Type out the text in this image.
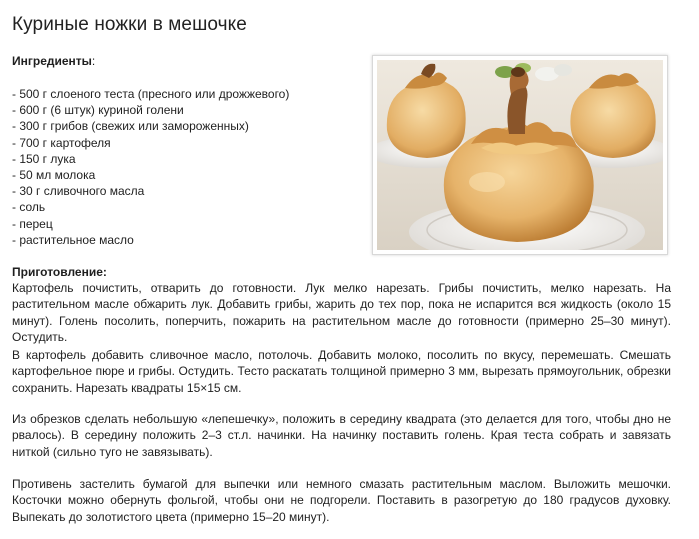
Куриные ножки в мешочке

Ингредиенты:

- 500 г слоеного теста (пресного или дрожжевого)
- 600 г (6 штук) куриной голени
- 300 г грибов (свежих или замороженных)
- 700 г картофеля
- 150 г лука
- 50 мл молока
- 30 г сливочного масла
- соль
- перец
- растительное масло

Приготовление:

Картофель почистить, отварить до готовности. Лук мелко нарезать. Грибы почистить, мелко нарезать. На растительном масле обжарить лук. Добавить грибы, жарить до тех пор, пока не испарится вся жидкость (около 15 минут). Голень посолить, поперчить, пожарить на растительном масле до готовности (примерно 25–30 минут). Остудить.

В картофель добавить сливочное масло, потолочь. Добавить молоко, посолить по вкусу, перемешать. Смешать картофельное пюре и грибы. Остудить. Тесто раскатать толщиной примерно 3 мм, вырезать прямоугольник, обрезки сохранить. Нарезать квадраты 15×15 см.

Из обрезков сделать небольшую «лепешечку», положить в середину квадрата (это делается для того, чтобы дно не рвалось). В середину положить 2–3 ст.л. начинки. На начинку поставить голень. Края теста собрать и завязать ниткой (сильно туго не завязывать).

Противень застелить бумагой для выпечки или немного смазать растительным маслом. Выложить мешочки. Косточки можно обернуть фольгой, чтобы они не подгорели. Поставить в разогретую до 180 градусов духовку. Выпекать до золотистого цвета (примерно 15–20 минут).
